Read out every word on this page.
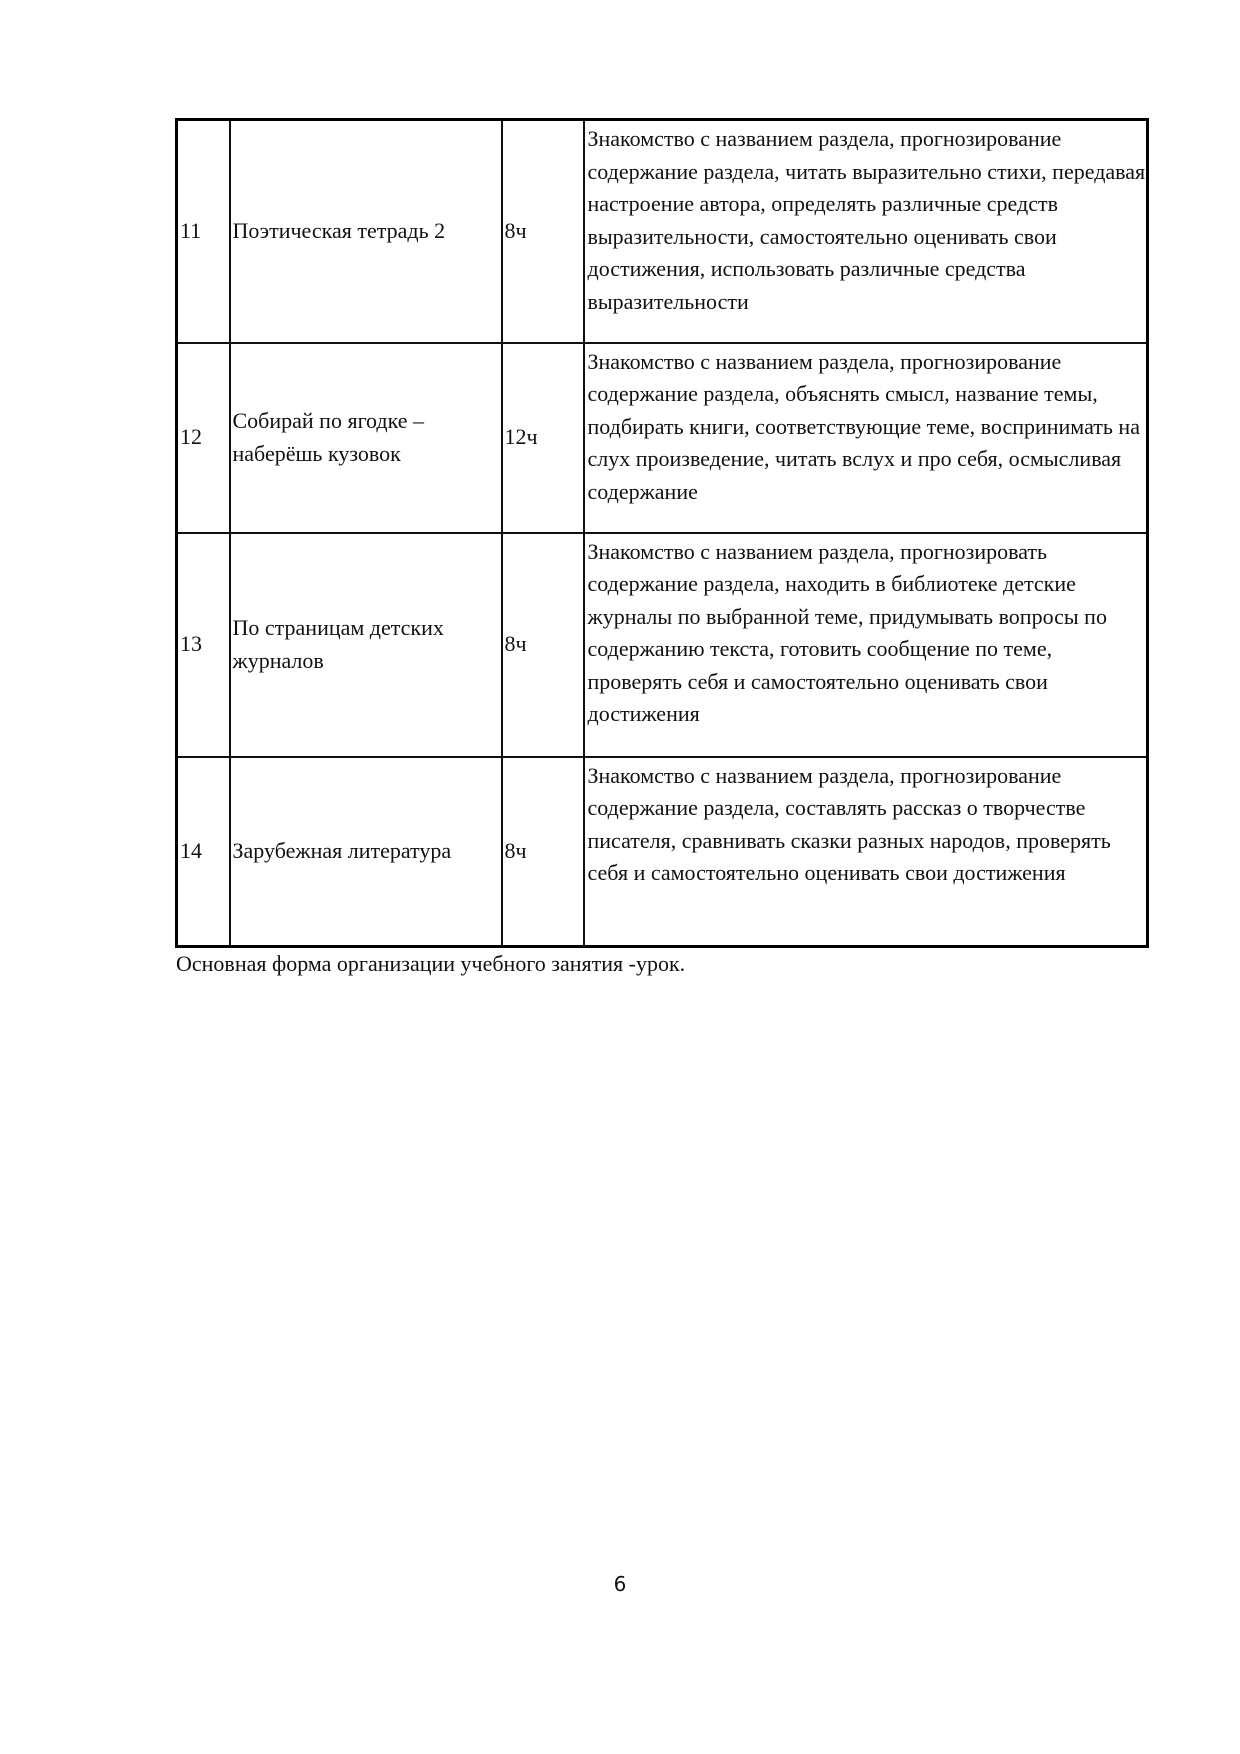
11	Поэтическая тетрадь 2	8ч	Знакомство с названием раздела, прогнозирование содержание раздела, читать выразительно стихи, передавая настроение автора, определять различные средств выразительности, самостоятельно оценивать свои достижения, использовать различные средства выразительности
12	Собирай по ягодке – наберёшь кузовок	12ч	Знакомство с названием раздела, прогнозирование содержание раздела, объяснять смысл, название темы, подбирать книги, соответствующие теме, воспринимать на слух произведение, читать вслух и про себя, осмысливая содержание
13	По страницам детских журналов	8ч	Знакомство с названием раздела, прогнозировать содержание раздела, находить в библиотеке детские журналы по выбранной теме, придумывать вопросы по содержанию текста, готовить сообщение по теме, проверять себя и самостоятельно оценивать свои достижения
14	Зарубежная литература	8ч	Знакомство с названием раздела, прогнозирование содержание раздела, составлять рассказ о творчестве писателя, сравнивать сказки разных народов, проверять себя и самостоятельно оценивать свои достижения
Основная форма организации учебного занятия -урок.
6
